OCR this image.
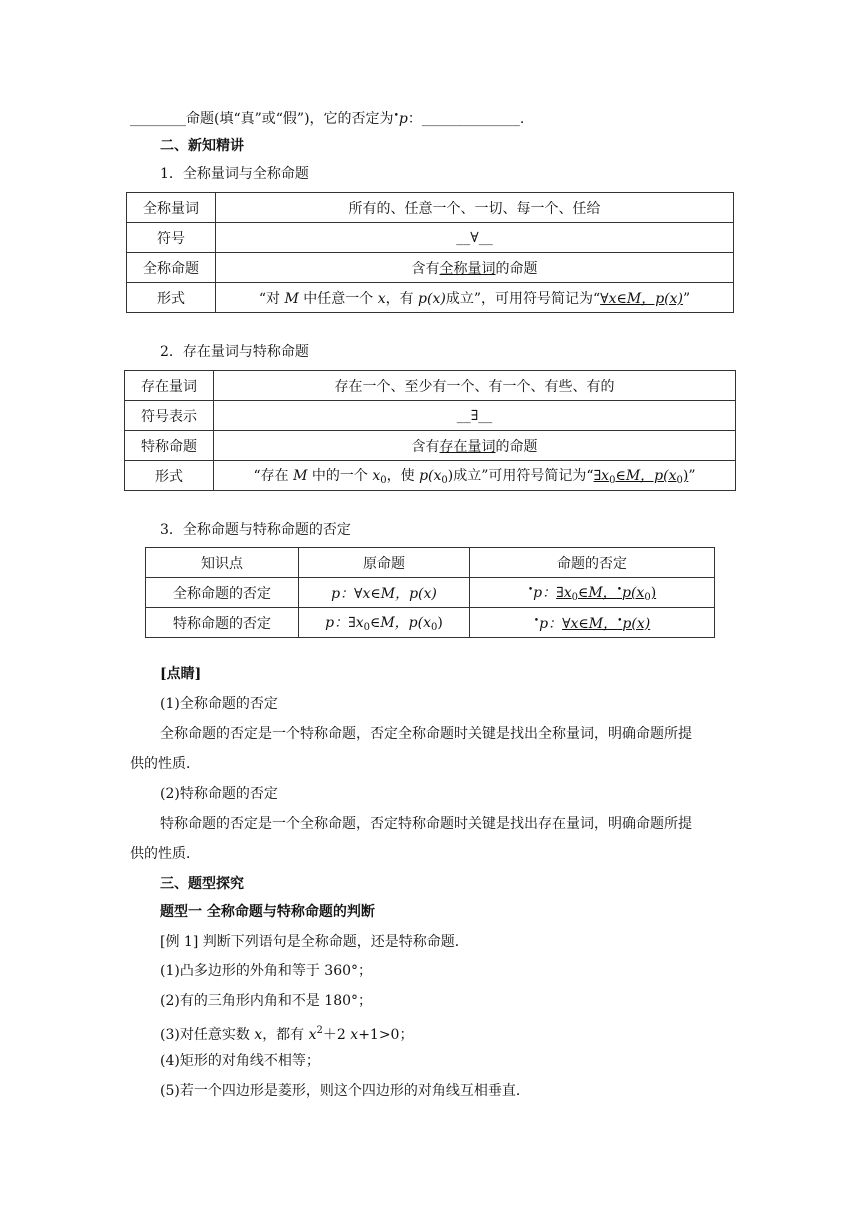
________命题(填“真”或“假”)，它的否定为•p：______________.
二、新知精讲
1．全称量词与全称命题
全称量词	所有的、任意一个、一切、每一个、任给
符号	__∀__
全称命题	含有全称量词的命题
形式	“对 M 中任意一个 x，有 p(x)成立”，可用符号简记为“∀x∈M，p(x)”
2．存在量词与特称命题
存在量词	存在一个、至少有一个、有一个、有些、有的
符号表示	__∃__
特称命题	含有存在量词的命题
形式	“存在 M 中的一个 $x_0$，使 $p(x_0)$成立”可用符号简记为“$\exists x_0\in M$，$p(x_0)$”
3．全称命题与特称命题的否定
知识点	原命题	命题的否定
全称命题的否定	p：∀x∈M，p(x)	•p：$\exists x_0\in M$，$^•p(x_0)$
特称命题的否定	p：$\exists x_0\in M$，$p(x_0)$	•p：∀x∈M，•p(x)
[点睛]
(1)全称命题的否定
全称命题的否定是一个特称命题，否定全称命题时关键是找出全称量词，明确命题所提
供的性质．
(2)特称命题的否定
特称命题的否定是一个全称命题，否定特称命题时关键是找出存在量词，明确命题所提
供的性质．
三、题型探究
题型一 全称命题与特称命题的判断
[例 1] 判断下列语句是全称命题，还是特称命题．
(1)凸多边形的外角和等于 360°；
(2)有的三角形内角和不是 180°；
(3)对任意实数 x，都有 $x^2+2$ x+1>0；
(4)矩形的对角线不相等；
(5)若一个四边形是菱形，则这个四边形的对角线互相垂直．
